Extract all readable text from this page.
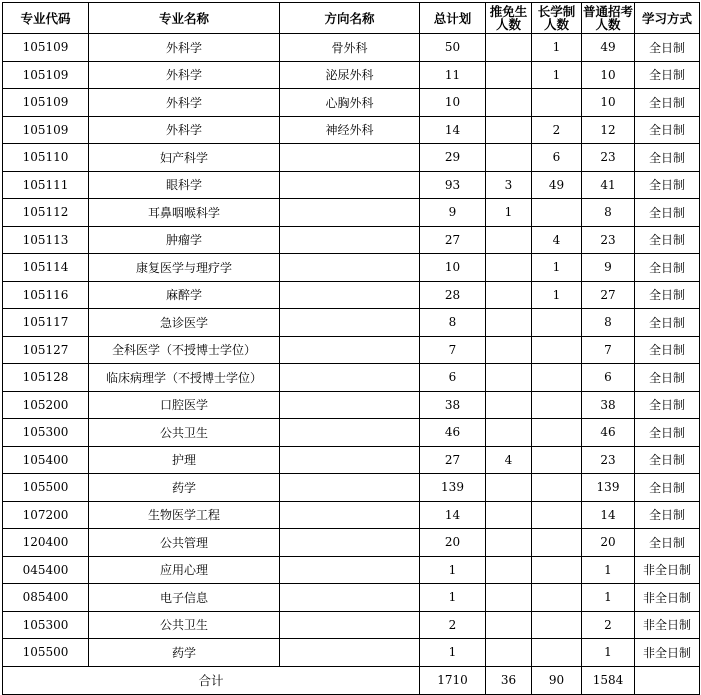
专业代码	专业名称	方向名称	总计划	推免生人数	长学制人数	普通招考人数	学习方式
105109	外科学	骨外科	50		1	49	全日制
105109	外科学	泌尿外科	11		1	10	全日制
105109	外科学	心胸外科	10			10	全日制
105109	外科学	神经外科	14		2	12	全日制
105110	妇产科学		29		6	23	全日制
105111	眼科学		93	3	49	41	全日制
105112	耳鼻咽喉科学		9	1		8	全日制
105113	肿瘤学		27		4	23	全日制
105114	康复医学与理疗学		10		1	9	全日制
105116	麻醉学		28		1	27	全日制
105117	急诊医学		8			8	全日制
105127	全科医学（不授博士学位）		7			7	全日制
105128	临床病理学（不授博士学位）		6			6	全日制
105200	口腔医学		38			38	全日制
105300	公共卫生		46			46	全日制
105400	护理		27	4		23	全日制
105500	药学		139			139	全日制
107200	生物医学工程		14			14	全日制
120400	公共管理		20			20	全日制
045400	应用心理		1			1	非全日制
085400	电子信息		1			1	非全日制
105300	公共卫生		2			2	非全日制
105500	药学		1			1	非全日制
合计			1710	36	90	1584	
